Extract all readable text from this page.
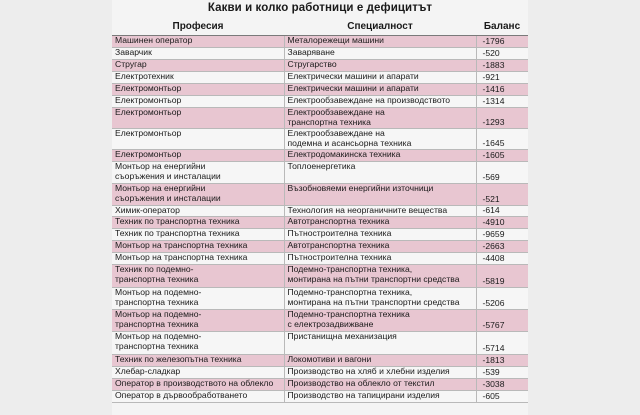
Какви и колко работници е дефицитът
Професия	Специалност	Баланс
Машинен оператор	Металорежещи машини	-1796
Заварчик	Заваряване	-520
Стругар	Стругарство	-1883
Електротехник	Електрически машини и апарати	-921
Електромонтьор	Електрически машини и апарати	-1416
Електромонтьор	Електрообзавеждане на производството	-1314
Електромонтьор	Електрообзавеждане на
транспортна техника	-1293
Електромонтьор	Електрообзавеждане на
подемна и асансьорна техника	-1645
Електромонтьор	Електродомакинска техника	-1605
Монтьор на енергийни
съоръжения и инсталации	Топлоенергетика	-569
Монтьор на енергийни
съоръжения и инсталации	Възобновяеми енергийни източници	-521
Химик-оператор	Технология на неорганичните вещества	-614
Техник по транспортна техника	Автотранспортна техника	-4910
Техник по транспортна техника	Пътностроителна техника	-9659
Монтьор на транспортна техника	Автотранспортна техника	-2663
Монтьор на транспортна техника	Пътностроителна техника	-4408
Техник по подемно-
транспортна техника	Подемно-транспортна техника,
монтирана на пътни транспортни средства	-5819
Монтьор на подемно-
транспортна техника	Подемно-транспортна техника,
монтирана на пътни транспортни средства	-5206
Монтьор на подемно-
транспортна техника	Подемно-транспортна техника
с електрозадвижване	-5767
Монтьор на подемно-
транспортна техника	Пристанищна механизация	-5714
Техник по железопътна техника	Локомотиви и вагони	-1813
Хлебар-сладкар	Производство на хляб и хлебни изделия	-539
Оператор в производството на облекло	Производство на облекло от текстил	-3038
Оператор в дървообработването	Производство на тапицирани изделия	-605
